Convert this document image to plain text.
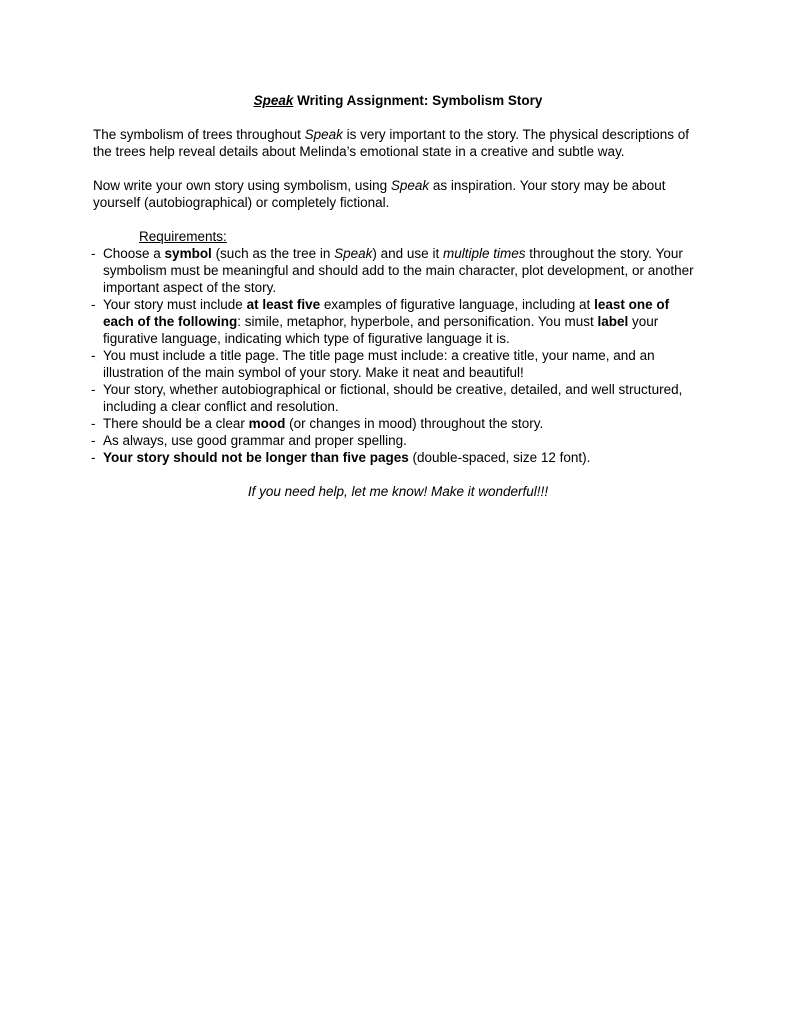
Speak Writing Assignment: Symbolism Story

The symbolism of trees throughout Speak is very important to the story. The physical descriptions of the trees help reveal details about Melinda’s emotional state in a creative and subtle way.

Now write your own story using symbolism, using Speak as inspiration. Your story may be about yourself (autobiographical) or completely fictional.

Requirements:
- Choose a symbol (such as the tree in Speak) and use it multiple times throughout the story. Your symbolism must be meaningful and should add to the main character, plot development, or another important aspect of the story.
- Your story must include at least five examples of figurative language, including at least one of each of the following: simile, metaphor, hyperbole, and personification. You must label your figurative language, indicating which type of figurative language it is.
- You must include a title page. The title page must include: a creative title, your name, and an illustration of the main symbol of your story. Make it neat and beautiful!
- Your story, whether autobiographical or fictional, should be creative, detailed, and well structured, including a clear conflict and resolution.
- There should be a clear mood (or changes in mood) throughout the story.
- As always, use good grammar and proper spelling.
- Your story should not be longer than five pages (double-spaced, size 12 font).
If you need help, let me know! Make it wonderful!!!
